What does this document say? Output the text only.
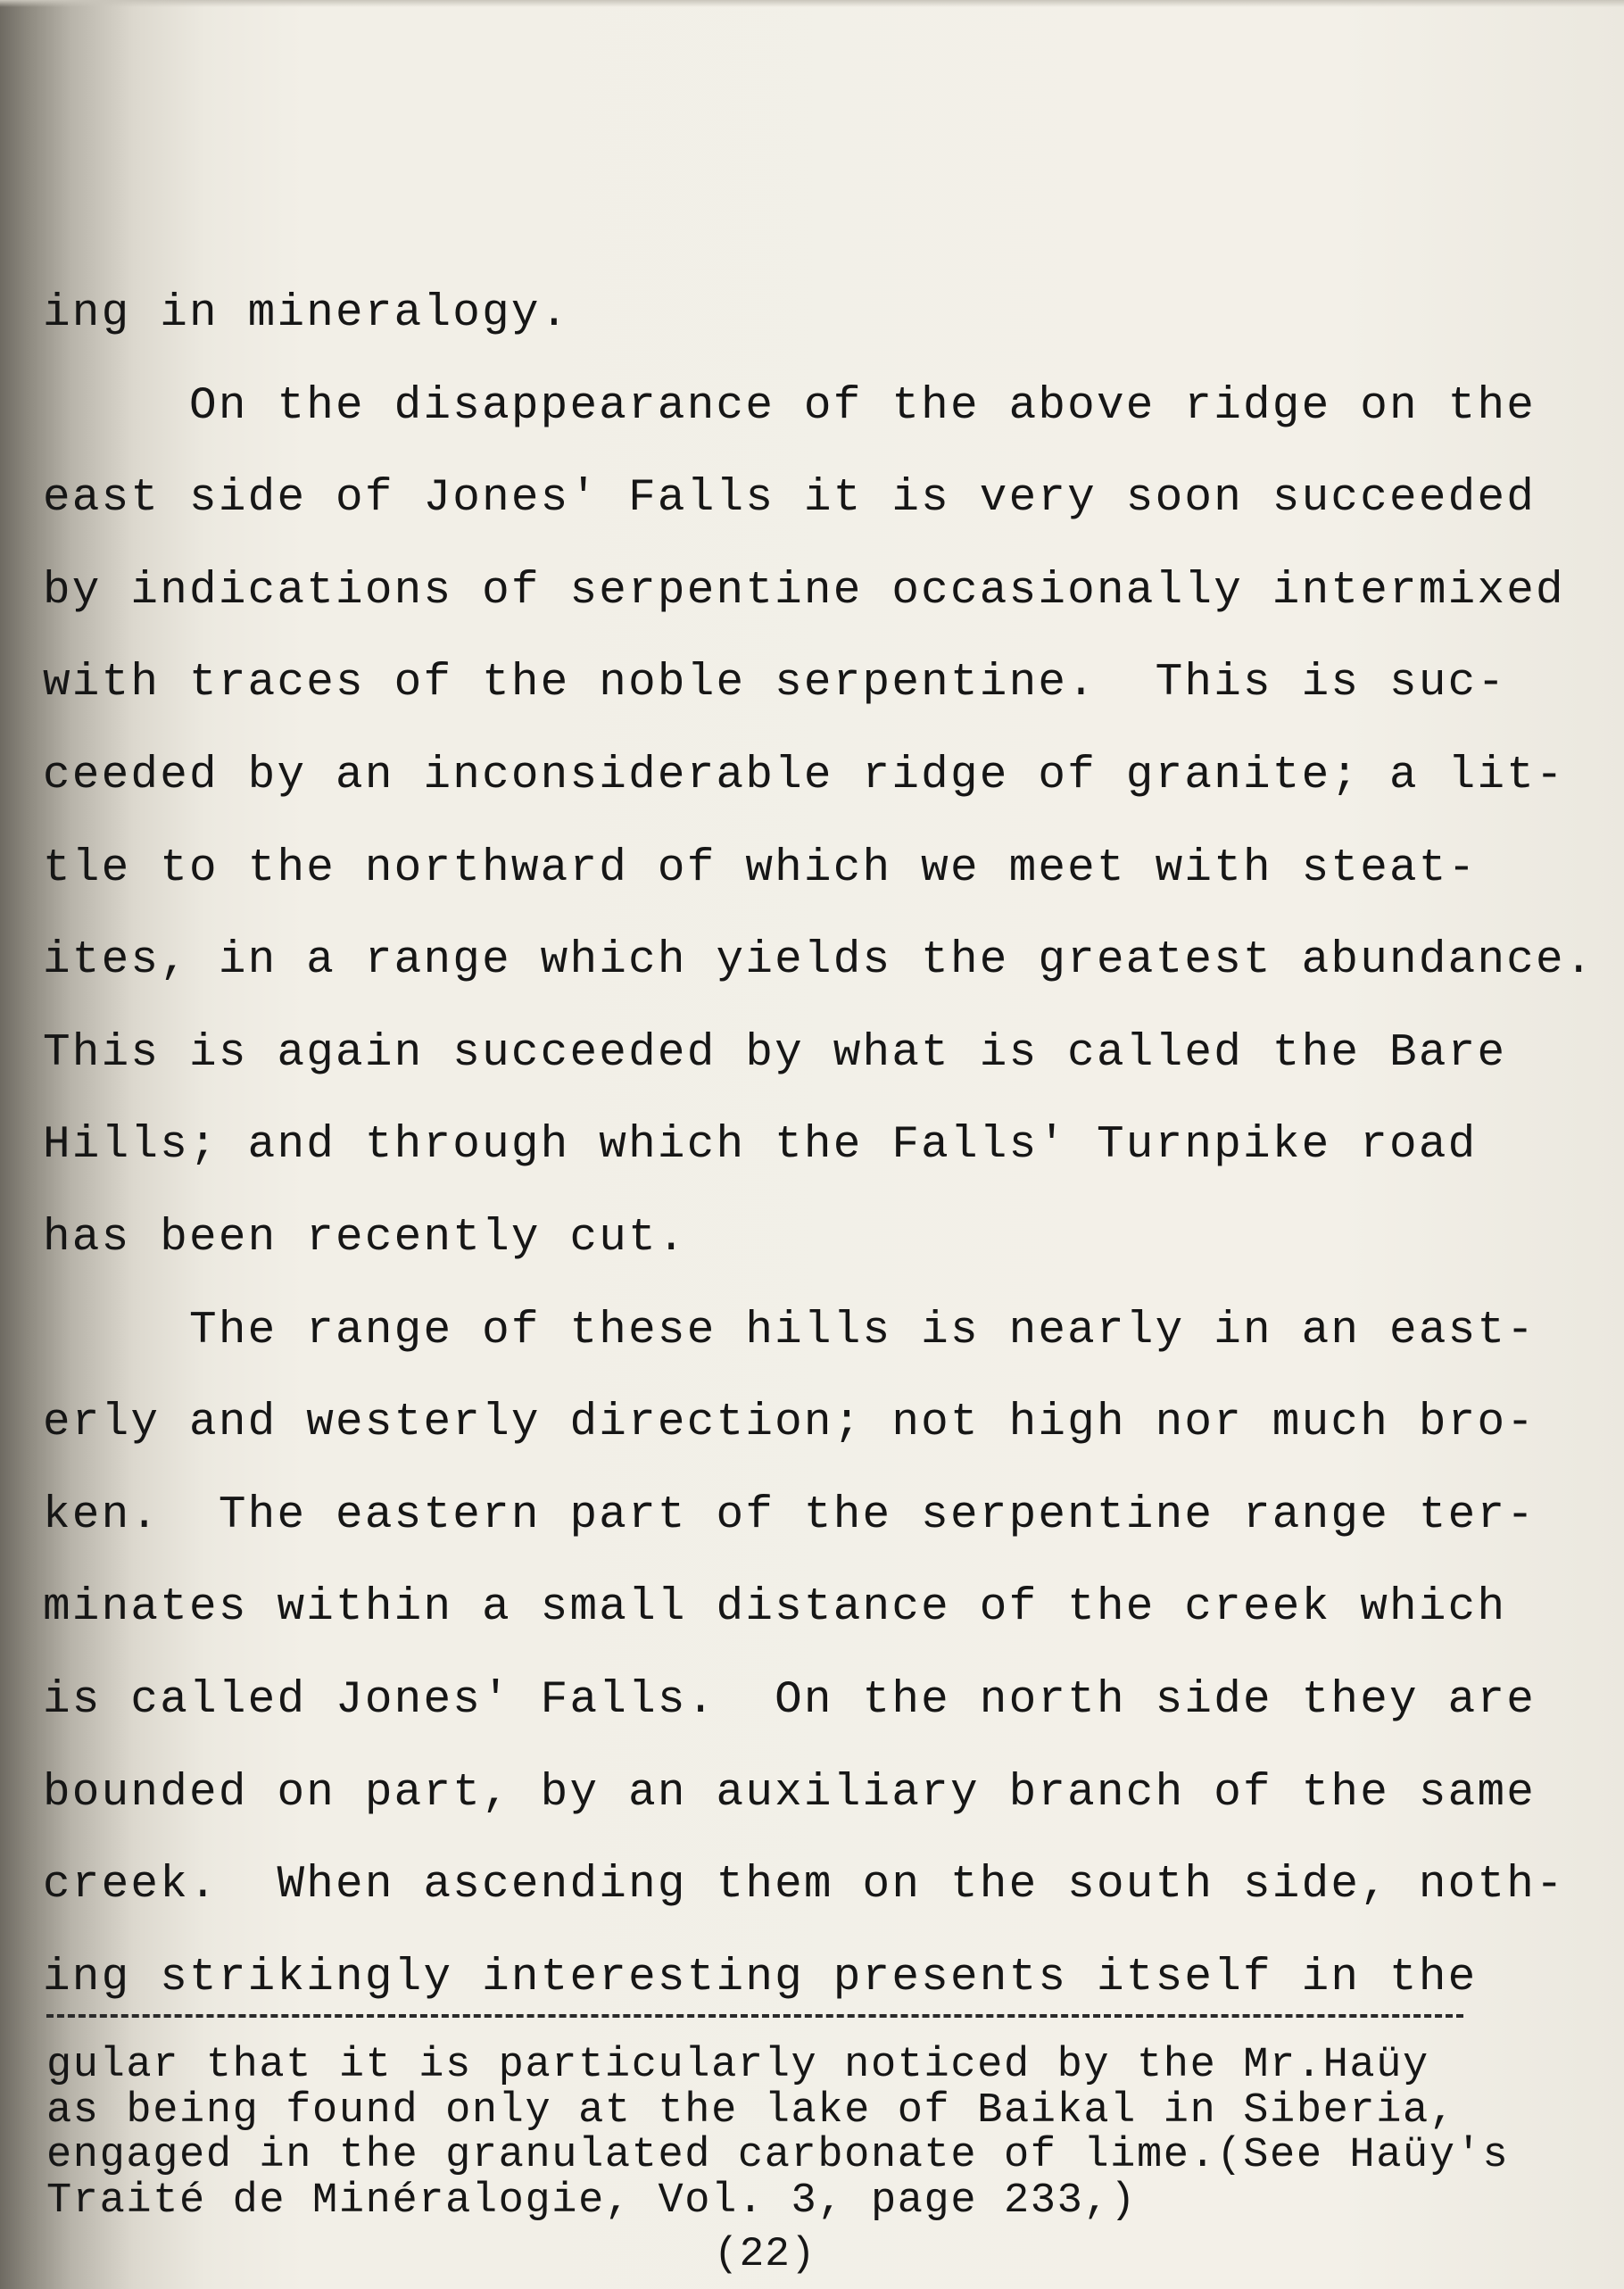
ing in mineralogy.
On the disappearance of the above ridge on the
east side of Jones' Falls it is very soon succeeded
by indications of serpentine occasionally intermixed
with traces of the noble serpentine.  This is suc-
ceeded by an inconsiderable ridge of granite; a lit-
tle to the northward of which we meet with steat-
ites, in a range which yields the greatest abundance.
This is again succeeded by what is called the Bare
Hills; and through which the Falls' Turnpike road
has been recently cut.
The range of these hills is nearly in an east-
erly and westerly direction; not high nor much bro-
ken.  The eastern part of the serpentine range ter-
minates within a small distance of the creek which
is called Jones' Falls.  On the north side they are
bounded on part, by an auxiliary branch of the same
creek.  When ascending them on the south side, noth-
ing strikingly interesting presents itself in the
gular that it is particularly noticed by the Mr.Haüy
as being found only at the lake of Baikal in Siberia,
engaged in the granulated carbonate of lime.(See Haüy's
Traité de Minéralogie, Vol. 3, page 233,)
(22)
